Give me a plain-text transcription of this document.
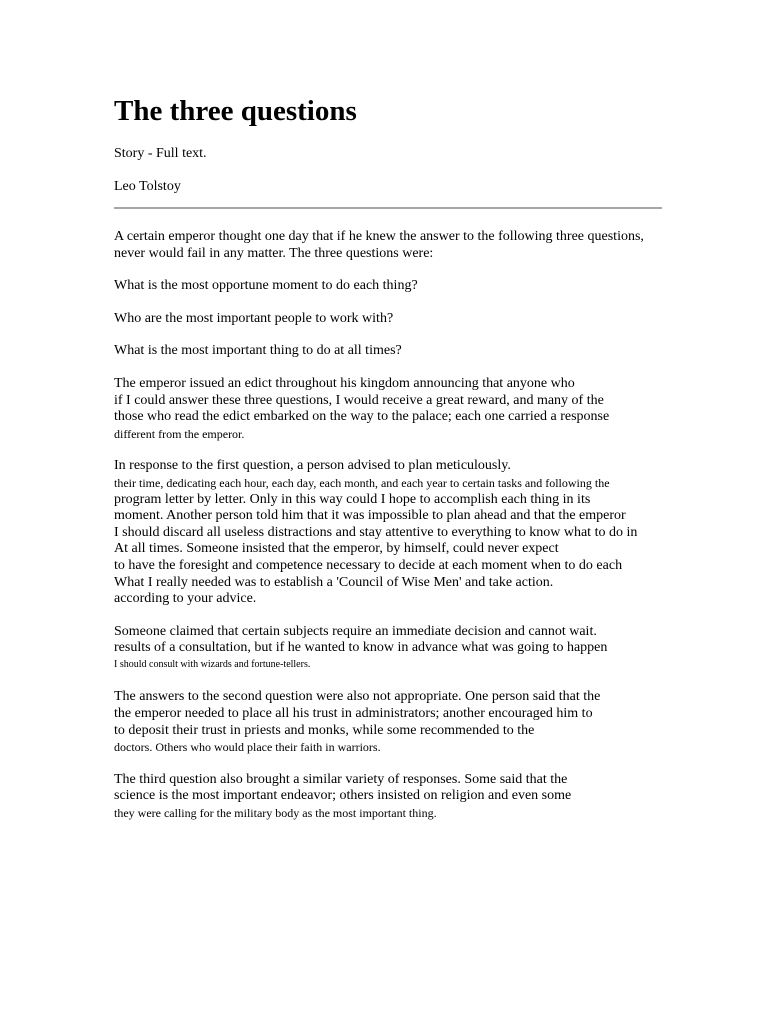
The three questions

Story - Full text.

Leo Tolstoy

A certain emperor thought one day that if he knew the answer to the following three questions,
never would fail in any matter. The three questions were:

What is the most opportune moment to do each thing?

Who are the most important people to work with?

What is the most important thing to do at all times?

The emperor issued an edict throughout his kingdom announcing that anyone who
if I could answer these three questions, I would receive a great reward, and many of the
those who read the edict embarked on the way to the palace; each one carried a response
different from the emperor.

In response to the first question, a person advised to plan meticulously.
their time, dedicating each hour, each day, each month, and each year to certain tasks and following the
program letter by letter. Only in this way could I hope to accomplish each thing in its
moment. Another person told him that it was impossible to plan ahead and that the emperor
I should discard all useless distractions and stay attentive to everything to know what to do in
At all times. Someone insisted that the emperor, by himself, could never expect
to have the foresight and competence necessary to decide at each moment when to do each
What I really needed was to establish a 'Council of Wise Men' and take action.
according to your advice.

Someone claimed that certain subjects require an immediate decision and cannot wait.
results of a consultation, but if he wanted to know in advance what was going to happen
I should consult with wizards and fortune-tellers.

The answers to the second question were also not appropriate. One person said that the
the emperor needed to place all his trust in administrators; another encouraged him to
to deposit their trust in priests and monks, while some recommended to the
doctors. Others who would place their faith in warriors.

The third question also brought a similar variety of responses. Some said that the
science is the most important endeavor; others insisted on religion and even some
they were calling for the military body as the most important thing.
